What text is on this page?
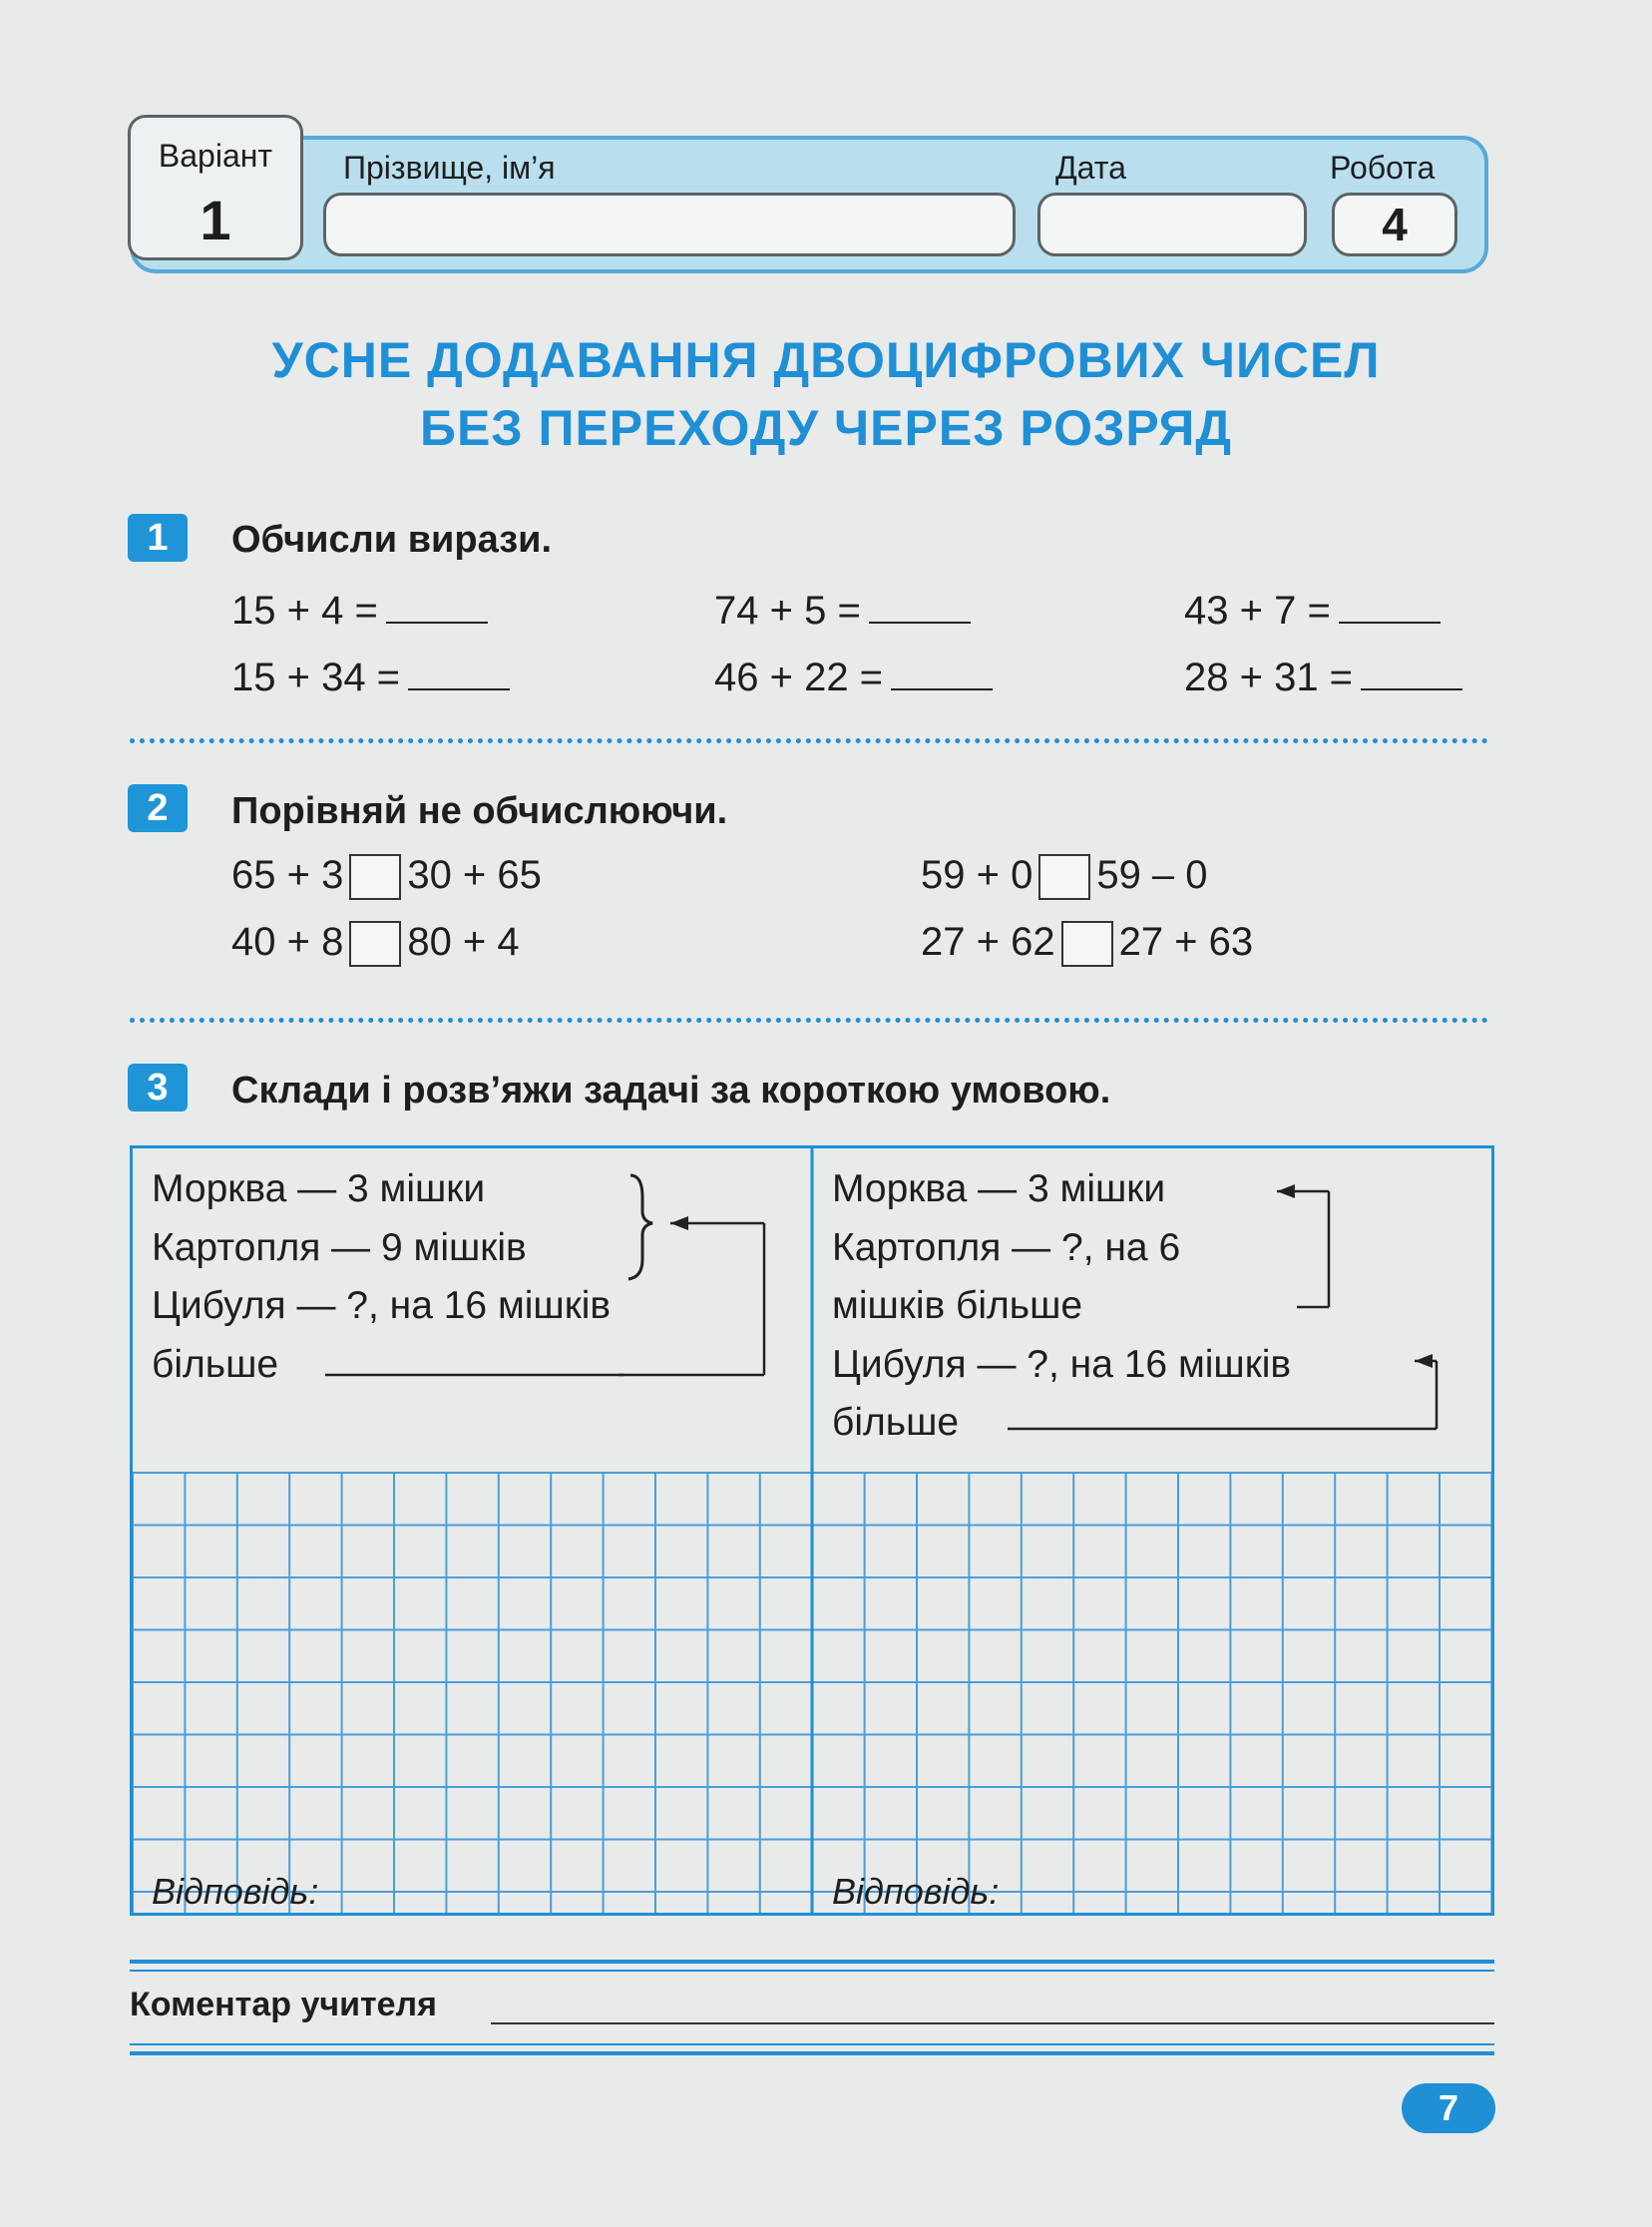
Варіант
1
Прізвище, ім’я	Дата	Робота
4
УСНЕ ДОДАВАННЯ ДВОЦИФРОВИХ ЧИСЕЛ
БЕЗ ПЕРЕХОДУ ЧЕРЕЗ РОЗРЯД
1	Обчисли вирази.
15 + 4 =	74 + 5 =	43 + 7 =
15 + 34 =	46 + 22 =	28 + 31 =
2	Порівняй не обчислюючи.
65 + 3 30 + 65	59 + 0 59 – 0
40 + 8 80 + 4	27 + 62 27 + 63
3	Склади і розв’яжи задачі за короткою умовою.
Морква — 3 мішки
Картопля — 9 мішків
Цибуля — ?, на 16 мішків
більше
Морква — 3 мішки
Картопля — ?, на 6
мішків більше
Цибуля — ?, на 16 мішків
більше
Відповідь:	Відповідь:
Коментар учителя
7
